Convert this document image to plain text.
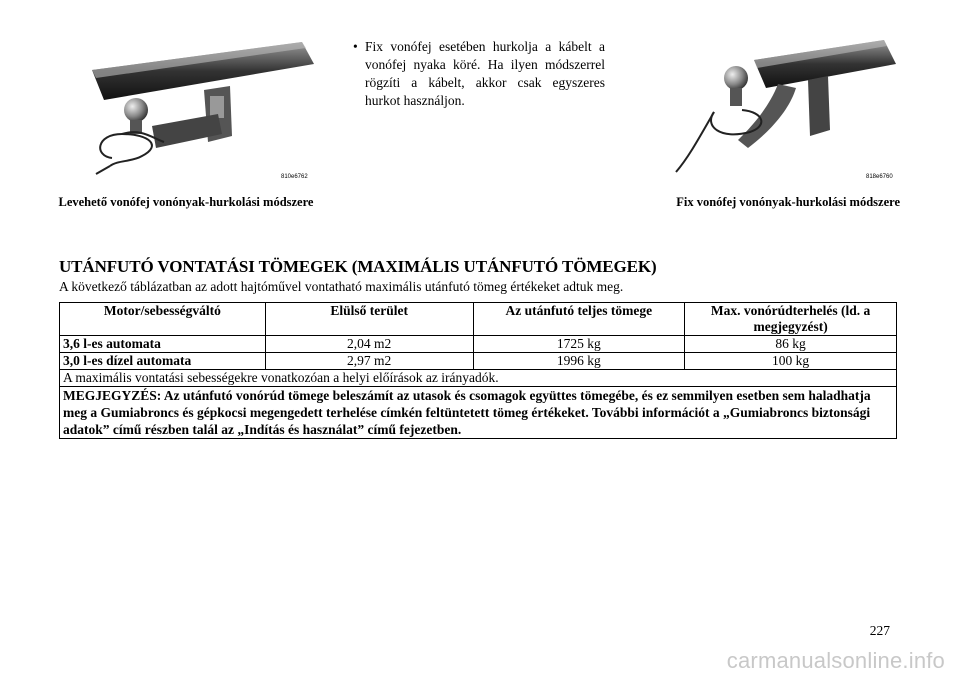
810e6762	818e6760
Levehető vonófej vonónyak-hurkolási módszere	Fix vonófej vonónyak-hurkolási módszere
• Fix vonófej esetében hurkolja a kábelt a vonófej nyaka köré. Ha ilyen módszerrel rögzíti a kábelt, akkor csak egyszeres hurkot használjon.
UTÁNFUTÓ VONTATÁSI TÖMEGEK (MAXIMÁLIS UTÁNFUTÓ TÖMEGEK)
A következő táblázatban az adott hajtóművel vontatható maximális utánfutó tömeg értékeket adtuk meg.
Motor/sebességváltó	Elülső terület	Az utánfutó teljes tömege	Max. vonórúdterhelés (ld. a megjegyzést)
3,6 l-es automata	2,04 m2	1725 kg	86 kg
3,0 l-es dízel automata	2,97 m2	1996 kg	100 kg
A maximális vontatási sebességekre vonatkozóan a helyi előírások az irányadók.			
MEGJEGYZÉS: Az utánfutó vonórúd tömege beleszámít az utasok és csomagok együttes tömegébe, és ez semmilyen esetben sem haladhatja meg a Gumiabroncs és gépkocsi megengedett terhelése címkén feltüntetett tömeg értékeket. További információt a „Gumiabroncs biztonsági adatok” című részben talál az „Indítás és használat” című fejezetben.			
227
carmanualsonline.info
